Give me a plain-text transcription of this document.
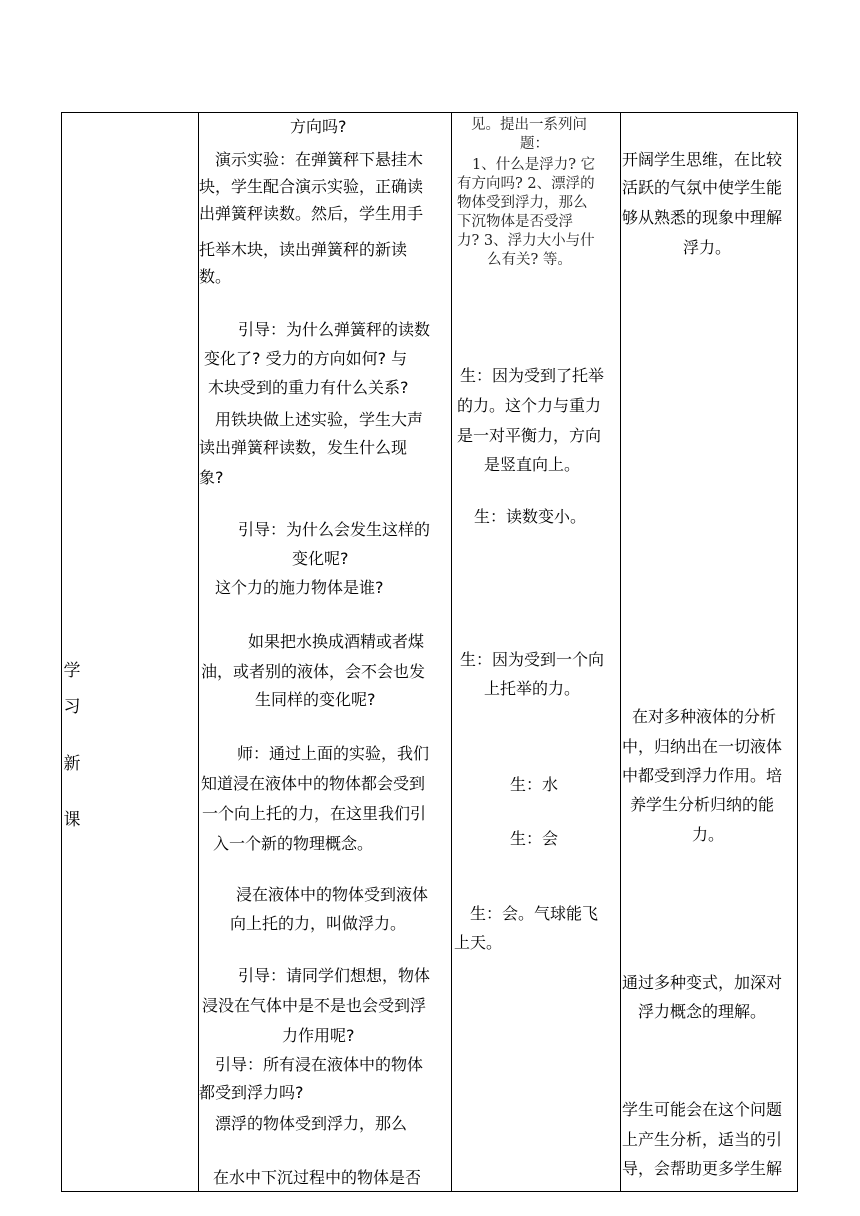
学
习
新
课
方向吗?
演示实验：在弹簧秤下悬挂木
块，学生配合演示实验，正确读
出弹簧秤读数。然后，学生用手
托举木块，读出弹簧秤的新读
数。
引导：为什么弹簧秤的读数
变化了? 受力的方向如何? 与
木块受到的重力有什么关系?
用铁块做上述实验，学生大声
读出弹簧秤读数，发生什么现
象?
引导：为什么会发生这样的
变化呢?
这个力的施力物体是谁?
如果把水换成酒精或者煤
油，或者别的液体，会不会也发
生同样的变化呢?
师：通过上面的实验，我们
知道浸在液体中的物体都会受到
一个向上托的力，在这里我们引
入一个新的物理概念。
浸在液体中的物体受到液体
向上托的力，叫做浮力。
引导：请同学们想想，物体
浸没在气体中是不是也会受到浮
力作用呢?
引导：所有浸在液体中的物体
都受到浮力吗?
漂浮的物体受到浮力，那么
在水中下沉过程中的物体是否
见。提出一系列问
题：
1、什么是浮力? 它
有方向吗? 2、漂浮的
物体受到浮力，那么
下沉物体是否受浮
力? 3、浮力大小与什
么有关? 等。
生：因为受到了托举
的力。这个力与重力
是一对平衡力，方向
是竖直向上。
生：读数变小。
生：因为受到一个向
上托举的力。
生：水
生：会
生：会。气球能飞
上天。
开阔学生思维，在比较
活跃的气氛中使学生能
够从熟悉的现象中理解
浮力。
在对多种液体的分析
中，归纳出在一切液体
中都受到浮力作用。培
养学生分析归纳的能
力。
通过多种变式，加深对
浮力概念的理解。
学生可能会在这个问题
上产生分析，适当的引
导，会帮助更多学生解
